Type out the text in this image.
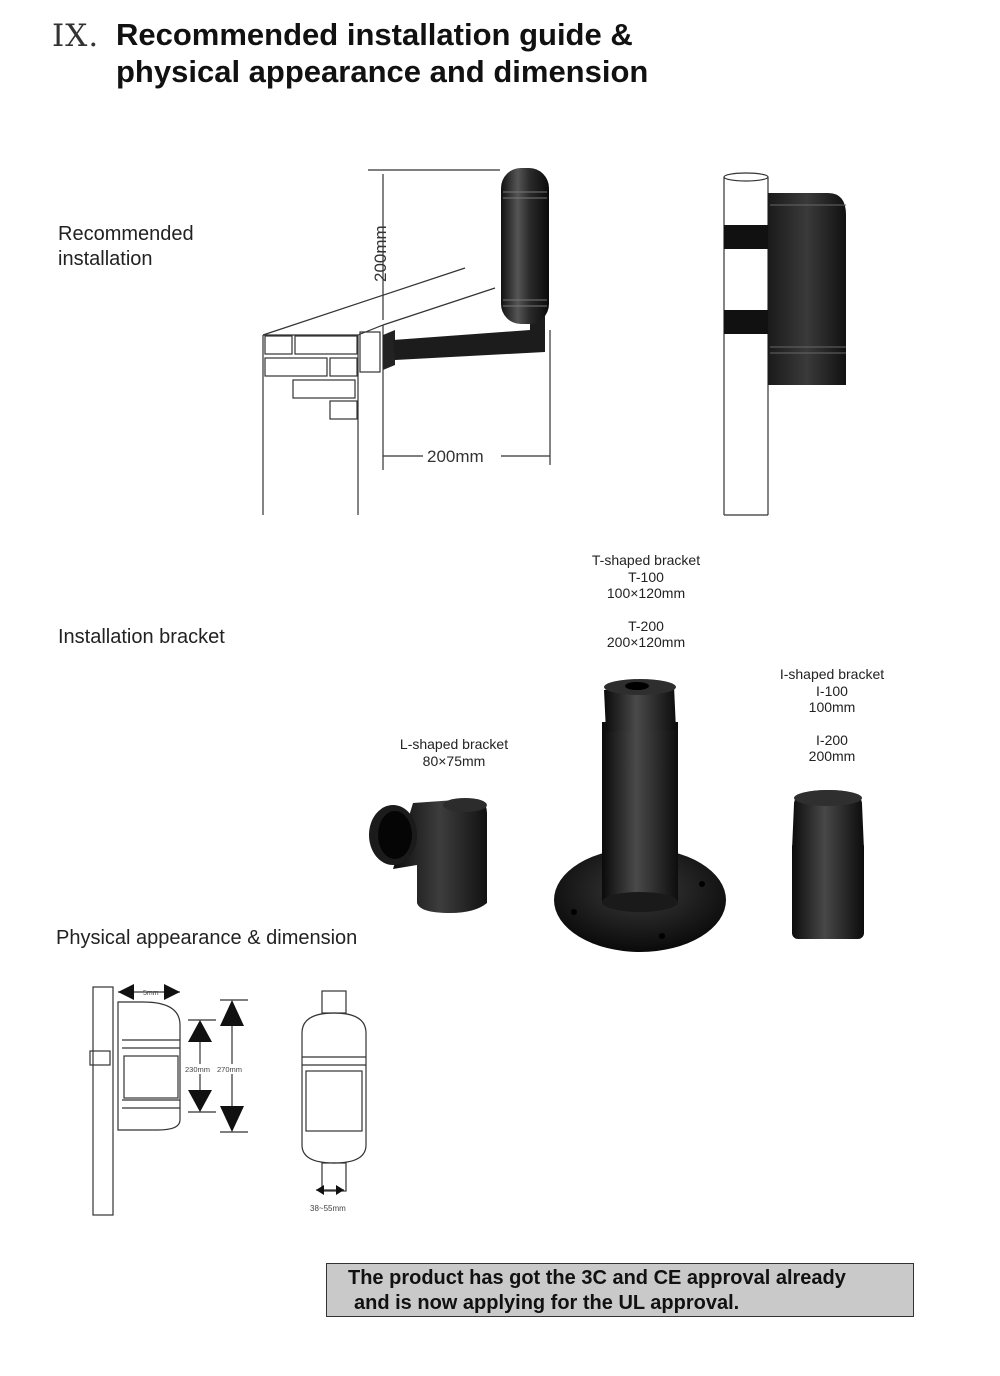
IX. Recommended installation guide &
physical appearance and dimension
Recommended
installation
Installation bracket
Physical appearance & dimension
200mm
200mm
T-shaped bracket
T-100
100×120mm
T-200
200×120mm
I-shaped bracket
I-100
100mm
I-200
200mm
L-shaped bracket
80×75mm
5mm
230mm 270mm
38~55mm
The product has got the 3C and CE approval already
and is now applying for the UL approval.
